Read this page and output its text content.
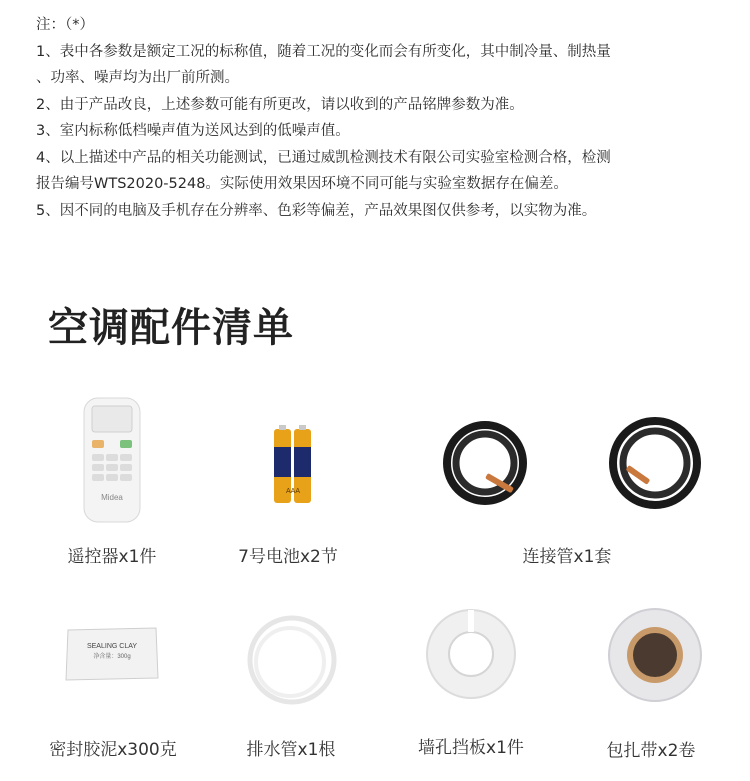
注：（*）

1、表中各参数是额定工况的标称值，随着工况的变化而会有所变化，其中制冷量、制热量

、功率、噪声均为出厂前所测。

2、由于产品改良，上述参数可能有所更改，请以收到的产品铭牌参数为准。

3、室内标称低档噪声值为送风达到的低噪声值。

4、以上描述中产品的相关功能测试，已通过威凯检测技术有限公司实验室检测合格，检测

报告编号WTS2020-5248。实际使用效果因环境不同可能与实验室数据存在偏差。

5、因不同的电脑及手机存在分辨率、色彩等偏差，产品效果图仅供参考，以实物为准。

空调配件清单
Midea
遥控器x1件
AAA
7号电池x2节	连接管x1套
SEALING CLAY
净含量：300g
密封胶泥x300克	排水管x1根	墙孔挡板x1件	包扎带x2卷
